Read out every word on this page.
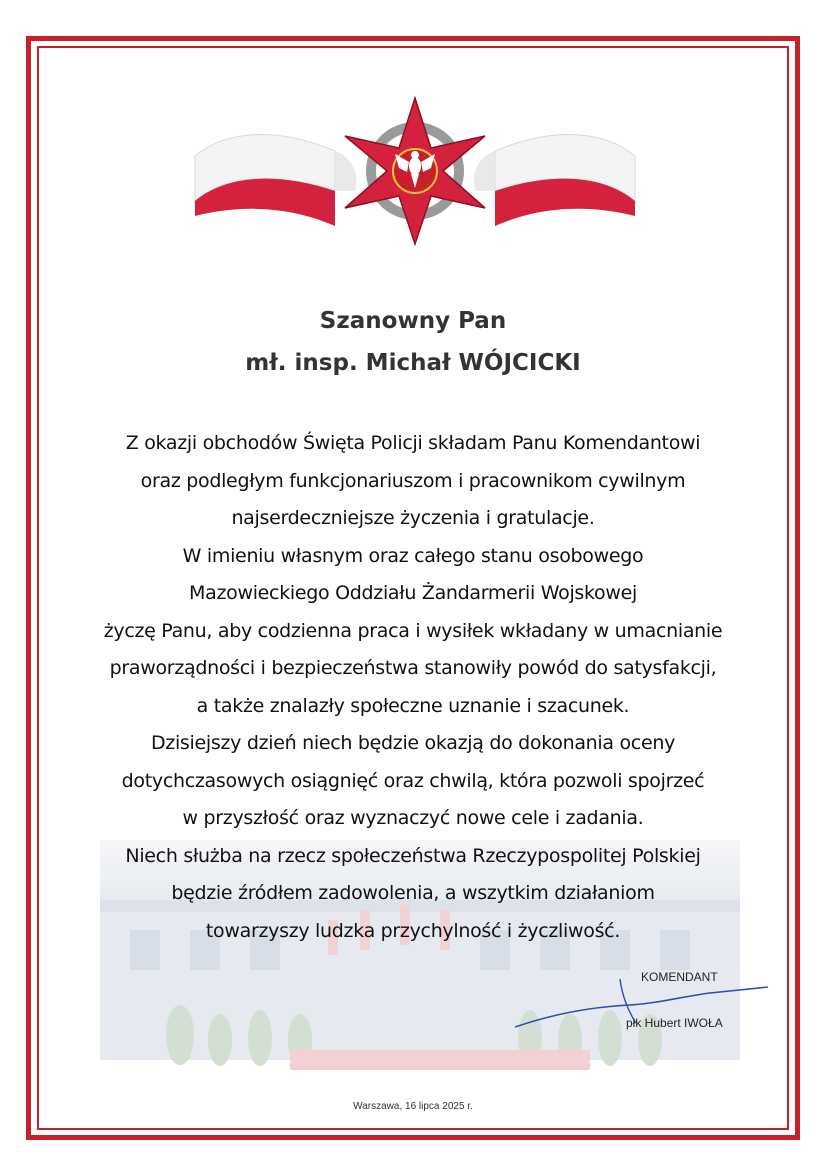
Szanowny Pan
mł. insp. Michał WÓJCICKI
Z okazji obchodów Święta Policji składam Panu Komendantowi
oraz podległym funkcjonariuszom i pracownikom cywilnym
najserdeczniejsze życzenia i gratulacje.
W imieniu własnym oraz całego stanu osobowego
Mazowieckiego Oddziału Żandarmerii Wojskowej
życzę Panu, aby codzienna praca i wysiłek wkładany w umacnianie
praworządności i bezpieczeństwa stanowiły powód do satysfakcji,
a także znalazły społeczne uznanie i szacunek.
Dzisiejszy dzień niech będzie okazją do dokonania oceny
dotychczasowych osiągnięć oraz chwilą, która pozwoli spojrzeć
w przyszłość oraz wyznaczyć nowe cele i zadania.
Niech służba na rzecz społeczeństwa Rzeczypospolitej Polskiej
będzie źródłem zadowolenia, a wszytkim działaniom
towarzyszy ludzka przychylność i życzliwość.
KOMENDANT
płk Hubert IWOŁA
Warszawa, 16 lipca 2025 r.
